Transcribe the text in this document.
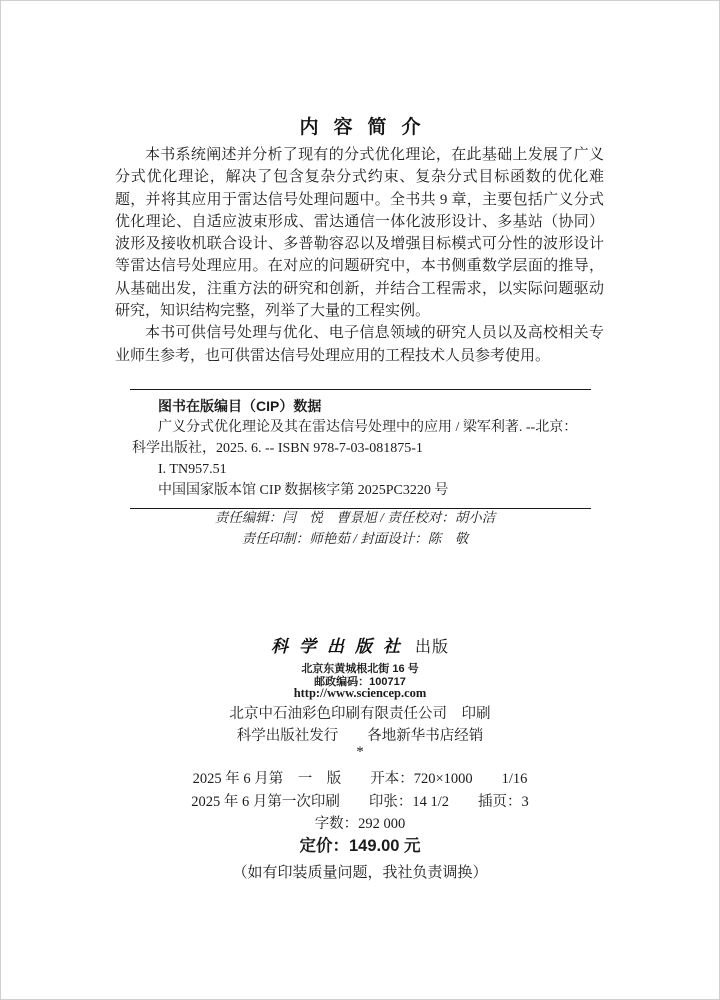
内容简介

本书系统阐述并分析了现有的分式优化理论，在此基础上发展了广义分式优化理论，解决了包含复杂分式约束、复杂分式目标函数的优化难题，并将其应用于雷达信号处理问题中。全书共 9 章，主要包括广义分式优化理论、自适应波束形成、雷达通信一体化波形设计、多基站（协同）波形及接收机联合设计、多普勒容忍以及增强目标模式可分性的波形设计等雷达信号处理应用。在对应的问题研究中，本书侧重数学层面的推导，从基础出发，注重方法的研究和创新，并结合工程需求，以实际问题驱动研究，知识结构完整，列举了大量的工程实例。

本书可供信号处理与优化、电子信息领域的研究人员以及高校相关专业师生参考，也可供雷达信号处理应用的工程技术人员参考使用。

图书在版编目（CIP）数据
广义分式优化理论及其在雷达信号处理中的应用 / 梁军利著. --北京：
科学出版社，2025. 6. -- ISBN 978-7-03-081875-1
I. TN957.51
中国国家版本馆 CIP 数据核字第 2025PC3220 号
责任编辑：闫　悦　曹景旭 / 责任校对：胡小洁
责任印制：师艳茹 / 封面设计：陈　敬
科学出版社 出版
北京东黄城根北街 16 号
邮政编码：100717
http://www.sciencep.com
北京中石油彩色印刷有限责任公司　印刷
科学出版社发行　　各地新华书店经销
*
2025 年 6 月第　一　版　　开本：720×1000　　1/16
2025 年 6 月第一次印刷　　印张：14 1/2　　插页：3
字数：292 000
定价：149.00 元
（如有印装质量问题，我社负责调换）
